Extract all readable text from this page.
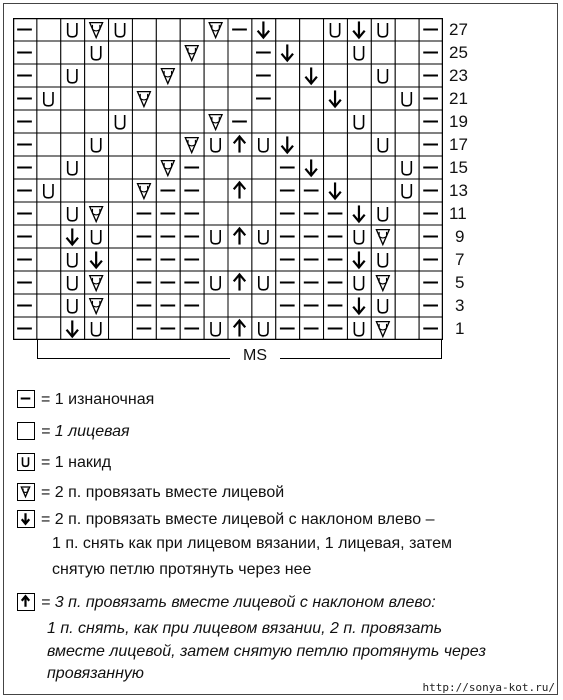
27
25
23
21
19
17
15
13
11
9
7
5
3
1
MS
= 1 изнаночная
= 1 лицевая
= 1 накид
= 2 п. провязать вместе лицевой
= 2 п. провязать вместе лицевой с наклоном влево –
1 п. снять как при лицевом вязании, 1 лицевая, затем
снятую петлю протянуть через нее
= 3 п. провязать вместе лицевой с наклоном влево:
1 п. снять, как при лицевом вязании, 2 п. провязать
вместе лицевой, затем снятую петлю протянуть через
провязанную
http://sonya-kot.ru/
